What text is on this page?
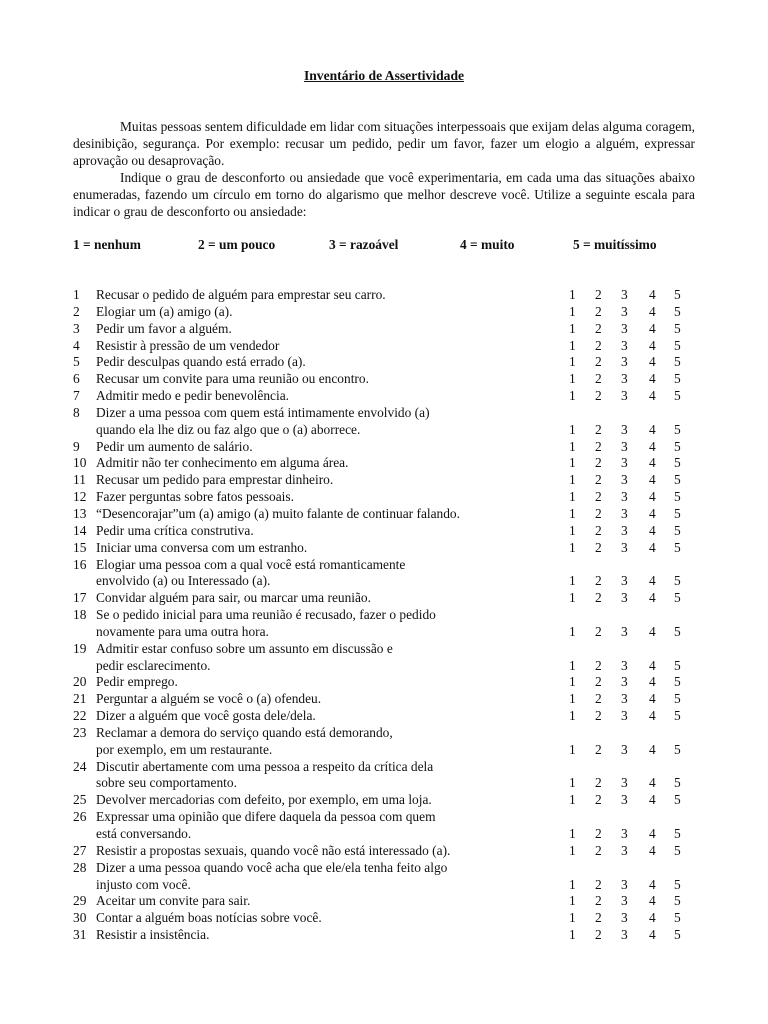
Inventário de Assertividade

Muitas pessoas sentem dificuldade em lidar com situações interpessoais que exijam delas alguma coragem, desinibição, segurança. Por exemplo: recusar um pedido, pedir um favor, fazer um elogio a alguém, expressar aprovação ou desaprovação.

Indique o grau de desconforto ou ansiedade que você experimentaria, em cada uma das situações abaixo enumeradas, fazendo um círculo em torno do algarismo que melhor descreve você. Utilize a seguinte escala para indicar o grau de desconforto ou ansiedade:

1 = nenhum	2 = um pouco	3 = razoável	4 = muito	5 = muitíssimo
1 Recusar o pedido de alguém para emprestar seu carro.	1 2 3 4 5
2 Elogiar um (a) amigo (a).	1 2 3 4 5
3 Pedir um favor a alguém.	1 2 3 4 5
4 Resistir à pressão de um vendedor	1 2 3 4 5
5 Pedir desculpas quando está errado (a).	1 2 3 4 5
6 Recusar um convite para uma reunião ou encontro.	1 2 3 4 5
7 Admitir medo e pedir benevolência.	1 2 3 4 5
8 Dizer a uma pessoa com quem está intimamente envolvido (a)
quando ela lhe diz ou faz algo que o (a) aborrece.	1 2 3 4 5
9 Pedir um aumento de salário.	1 2 3 4 5
10 Admitir não ter conhecimento em alguma área.	1 2 3 4 5
11 Recusar um pedido para emprestar dinheiro.	1 2 3 4 5
12 Fazer perguntas sobre fatos pessoais.	1 2 3 4 5
13 “Desencorajar”um (a) amigo (a) muito falante de continuar falando.	1 2 3 4 5
14 Pedir uma crítica construtiva.	1 2 3 4 5
15 Iniciar uma conversa com um estranho.	1 2 3 4 5
16 Elogiar uma pessoa com a qual você está romanticamente
envolvido (a) ou Interessado (a).	1 2 3 4 5
17 Convidar alguém para sair, ou marcar uma reunião.	1 2 3 4 5
18 Se o pedido inicial para uma reunião é recusado, fazer o pedido
novamente para uma outra hora.	1 2 3 4 5
19 Admitir estar confuso sobre um assunto em discussão e
pedir esclarecimento.	1 2 3 4 5
20 Pedir emprego.	1 2 3 4 5
21 Perguntar a alguém se você o (a) ofendeu.	1 2 3 4 5
22 Dizer a alguém que você gosta dele/dela.	1 2 3 4 5
23 Reclamar a demora do serviço quando está demorando,
por exemplo, em um restaurante.	1 2 3 4 5
24 Discutir abertamente com uma pessoa a respeito da crítica dela
sobre seu comportamento.	1 2 3 4 5
25 Devolver mercadorias com defeito, por exemplo, em uma loja.	1 2 3 4 5
26 Expressar uma opinião que difere daquela da pessoa com quem
está conversando.	1 2 3 4 5
27 Resistir a propostas sexuais, quando você não está interessado (a).	1 2 3 4 5
28 Dizer a uma pessoa quando você acha que ele/ela tenha feito algo
injusto com você.	1 2 3 4 5
29 Aceitar um convite para sair.	1 2 3 4 5
30 Contar a alguém boas notícias sobre você.	1 2 3 4 5
31 Resistir a insistência.	1 2 3 4 5
